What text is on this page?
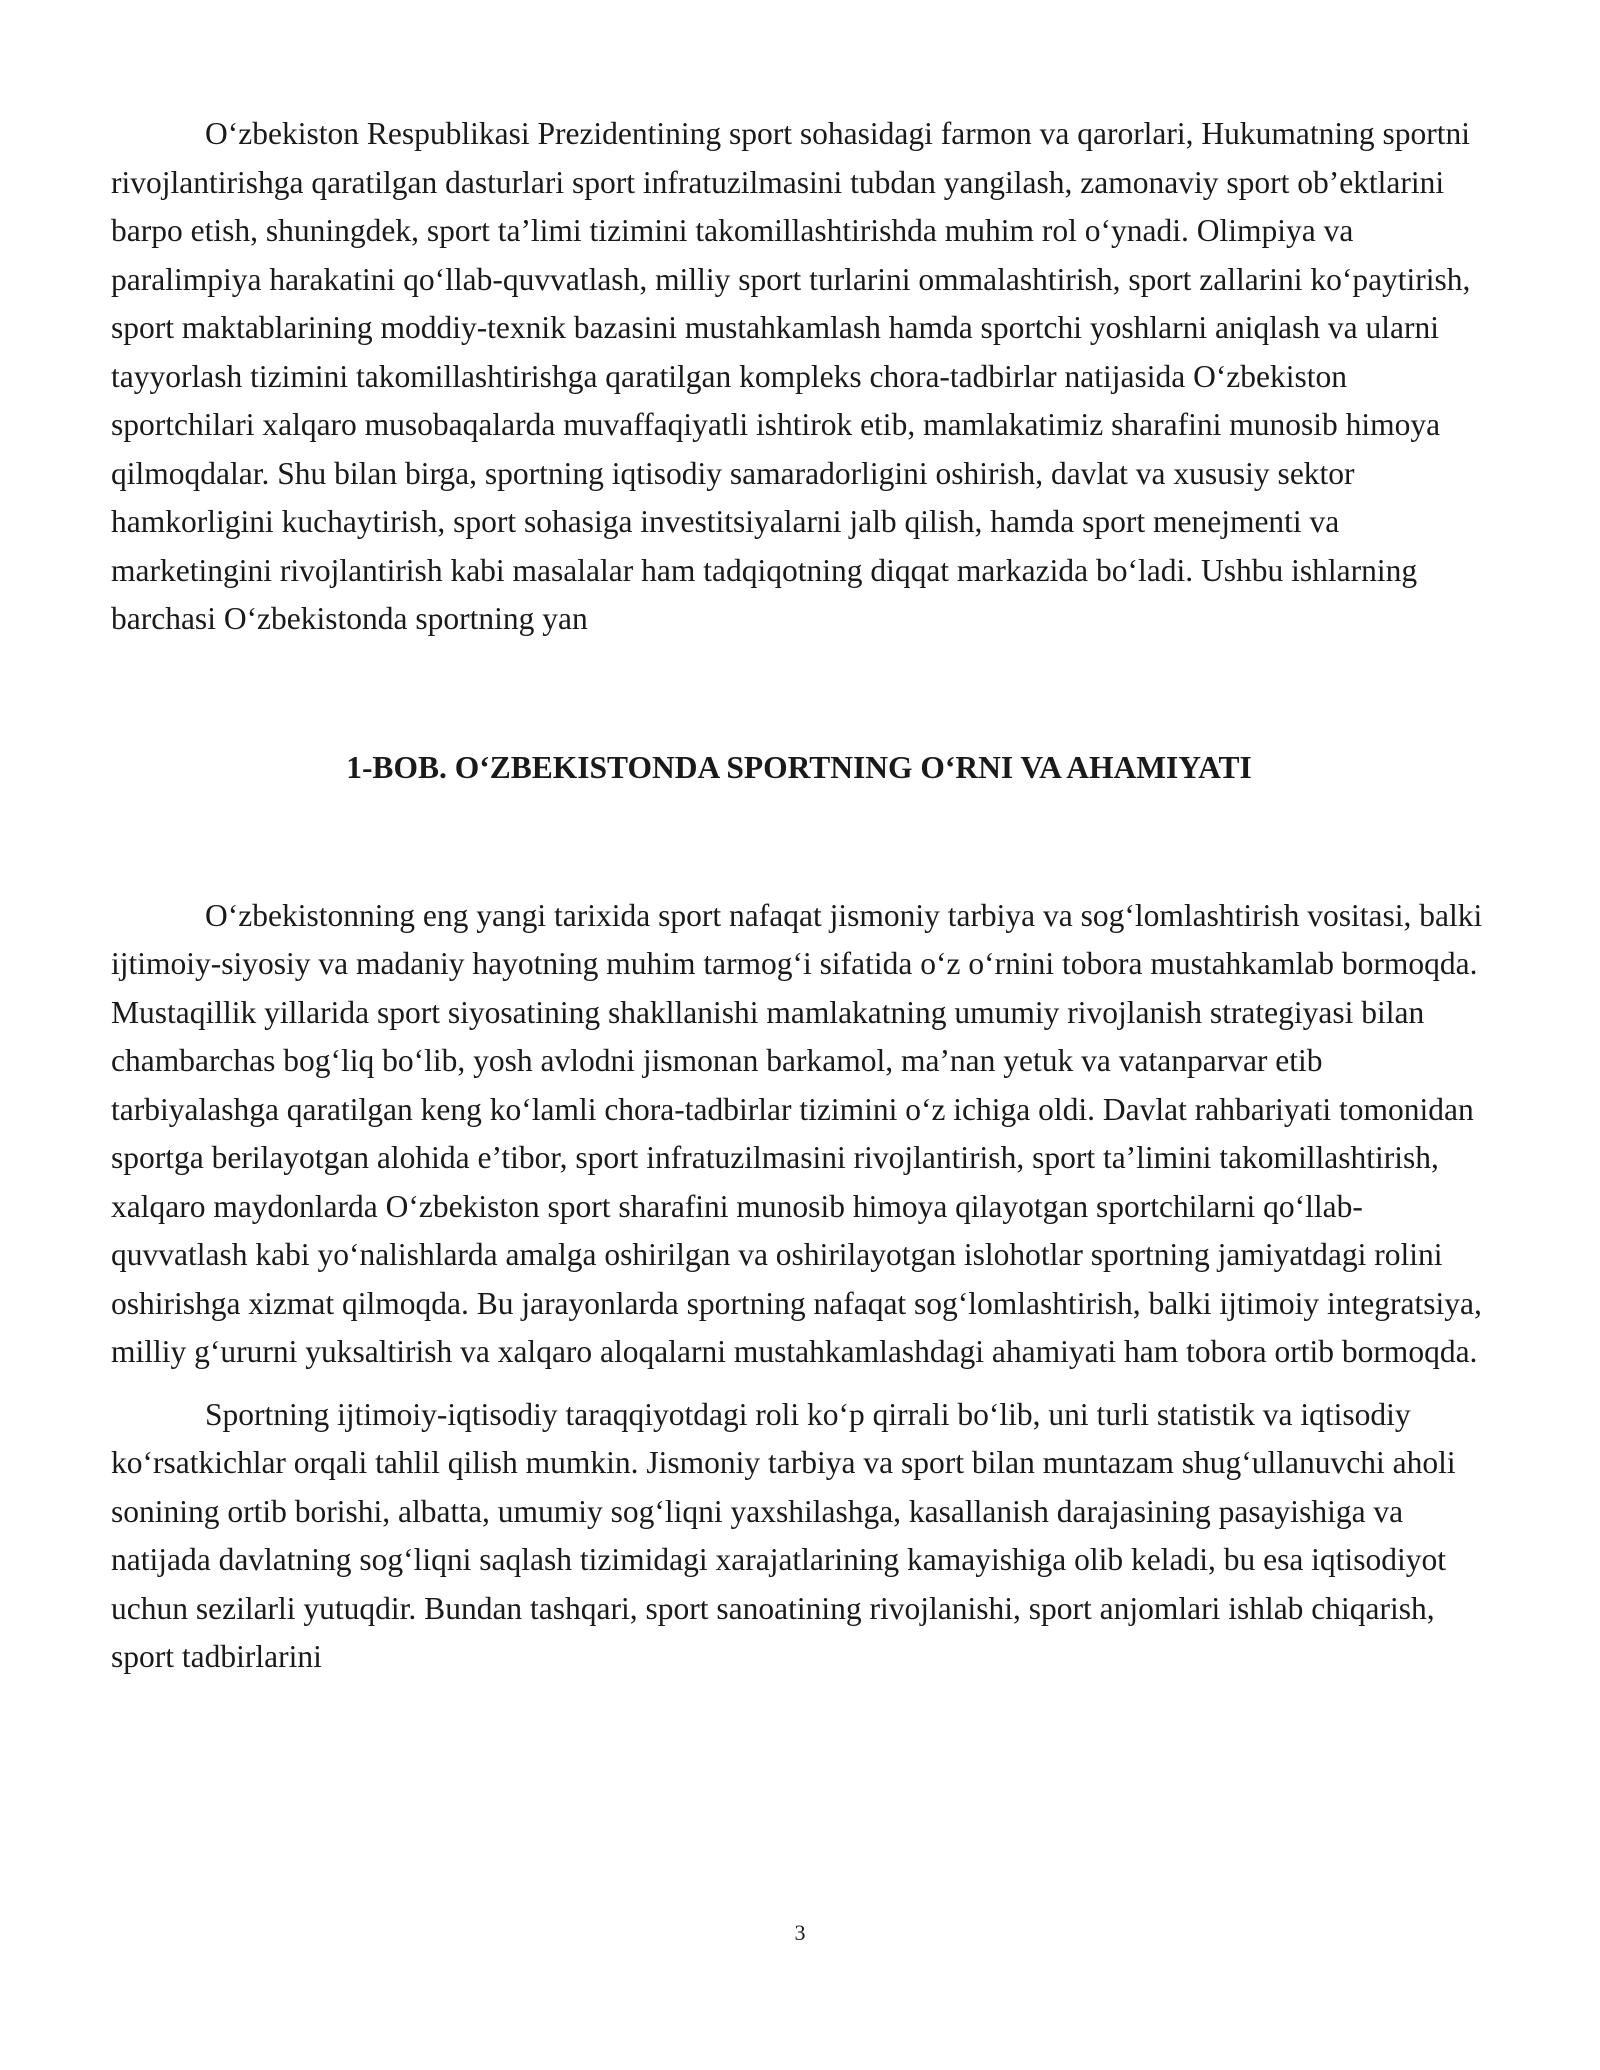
O‘zbekiston Respublikasi Prezidentining sport sohasidagi farmon va qarorlari, Hukumatning sportni rivojlantirishga qaratilgan dasturlari sport infratuzilmasini tubdan yangilash, zamonaviy sport ob’ektlarini barpo etish, shuningdek, sport ta’limi tizimini takomillashtirishda muhim rol o‘ynadi. Olimpiya va paralimpiya harakatini qo‘llab-quvvatlash, milliy sport turlarini ommalashtirish, sport zallarini ko‘paytirish, sport maktablarining moddiy-texnik bazasini mustahkamlash hamda sportchi yoshlarni aniqlash va ularni tayyorlash tizimini takomillashtirishga qaratilgan kompleks chora-tadbirlar natijasida O‘zbekiston sportchilari xalqaro musobaqalarda muvaffaqiyatli ishtirok etib, mamlakatimiz sharafini munosib himoya qilmoqdalar. Shu bilan birga, sportning iqtisodiy samaradorligini oshirish, davlat va xususiy sektor hamkorligini kuchaytirish, sport sohasiga investitsiyalarni jalb qilish, hamda sport menejmenti va marketingini rivojlantirish kabi masalalar ham tadqiqotning diqqat markazida bo‘ladi. Ushbu ishlarning barchasi O‘zbekistonda sportning yan

1-BOB. O‘ZBEKISTONDA SPORTNING O‘RNI VA AHAMIYATI

O‘zbekistonning eng yangi tarixida sport nafaqat jismoniy tarbiya va sog‘lomlashtirish vositasi, balki ijtimoiy-siyosiy va madaniy hayotning muhim tarmog‘i sifatida o‘z o‘rnini tobora mustahkamlab bormoqda. Mustaqillik yillarida sport siyosatining shakllanishi mamlakatning umumiy rivojlanish strategiyasi bilan chambarchas bog‘liq bo‘lib, yosh avlodni jismonan barkamol, ma’nan yetuk va vatanparvar etib tarbiyalashga qaratilgan keng ko‘lamli chora-tadbirlar tizimini o‘z ichiga oldi. Davlat rahbariyati tomonidan sportga berilayotgan alohida e’tibor, sport infratuzilmasini rivojlantirish, sport ta’limini takomillashtirish, xalqaro maydonlarda O‘zbekiston sport sharafini munosib himoya qilayotgan sportchilarni qo‘llab-quvvatlash kabi yo‘nalishlarda amalga oshirilgan va oshirilayotgan islohotlar sportning jamiyatdagi rolini oshirishga xizmat qilmoqda. Bu jarayonlarda sportning nafaqat sog‘lomlashtirish, balki ijtimoiy integratsiya, milliy g‘ururni yuksaltirish va xalqaro aloqalarni mustahkamlashdagi ahamiyati ham tobora ortib bormoqda.

Sportning ijtimoiy-iqtisodiy taraqqiyotdagi roli ko‘p qirrali bo‘lib, uni turli statistik va iqtisodiy ko‘rsatkichlar orqali tahlil qilish mumkin. Jismoniy tarbiya va sport bilan muntazam shug‘ullanuvchi aholi sonining ortib borishi, albatta, umumiy sog‘liqni yaxshilashga, kasallanish darajasining pasayishiga va natijada davlatning sog‘liqni saqlash tizimidagi xarajatlarining kamayishiga olib keladi, bu esa iqtisodiyot uchun sezilarli yutuqdir. Bundan tashqari, sport sanoatining rivojlanishi, sport anjomlari ishlab chiqarish, sport tadbirlarini

3
